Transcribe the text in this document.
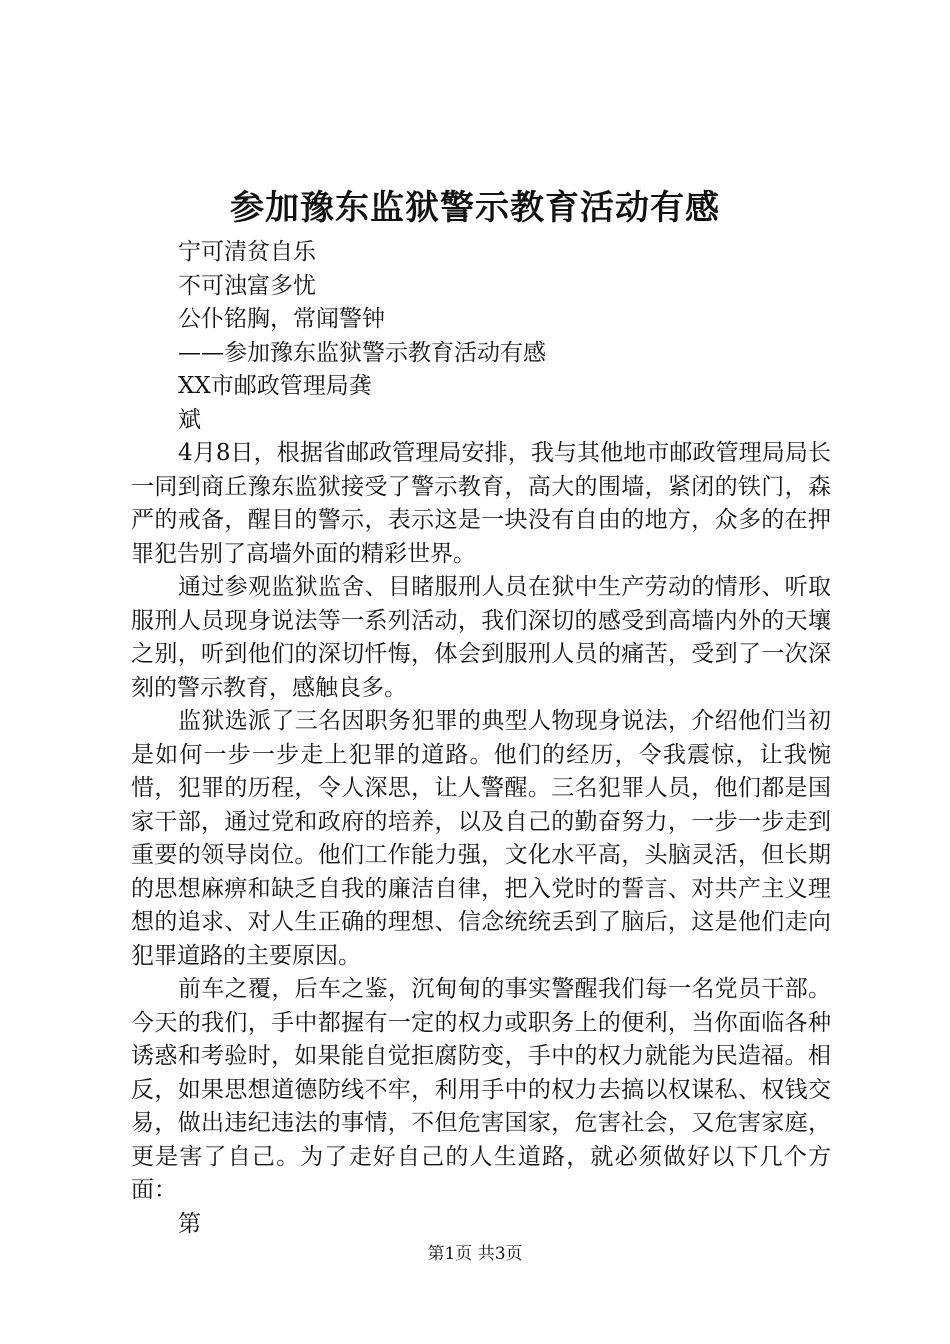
参加豫东监狱警示教育活动有感

宁可清贫自乐

不可浊富多忧

公仆铭胸，常闻警钟

——参加豫东监狱警示教育活动有感

XX市邮政管理局龚

斌

4月8日，根据省邮政管理局安排，我与其他地市邮政管理局局长一同到商丘豫东监狱接受了警示教育，高大的围墙，紧闭的铁门，森严的戒备，醒目的警示，表示这是一块没有自由的地方，众多的在押罪犯告别了高墙外面的精彩世界。

通过参观监狱监舍、目睹服刑人员在狱中生产劳动的情形、听取服刑人员现身说法等一系列活动，我们深切的感受到高墙内外的天壤之别，听到他们的深切忏悔，体会到服刑人员的痛苦，受到了一次深刻的警示教育，感触良多。

监狱选派了三名因职务犯罪的典型人物现身说法，介绍他们当初是如何一步一步走上犯罪的道路。他们的经历，令我震惊，让我惋惜，犯罪的历程，令人深思，让人警醒。三名犯罪人员，他们都是国家干部，通过党和政府的培养，以及自己的勤奋努力，一步一步走到重要的领导岗位。他们工作能力强，文化水平高，头脑灵活，但长期的思想麻痹和缺乏自我的廉洁自律，把入党时的誓言、对共产主义理想的追求、对人生正确的理想、信念统统丢到了脑后，这是他们走向犯罪道路的主要原因。

前车之覆，后车之鉴，沉甸甸的事实警醒我们每一名党员干部。今天的我们，手中都握有一定的权力或职务上的便利，当你面临各种诱惑和考验时，如果能自觉拒腐防变，手中的权力就能为民造福。相反，如果思想道德防线不牢，利用手中的权力去搞以权谋私、权钱交易，做出违纪违法的事情，不但危害国家，危害社会，又危害家庭，更是害了自己。为了走好自己的人生道路，就必须做好以下几个方面：

第

第1页 共3页
